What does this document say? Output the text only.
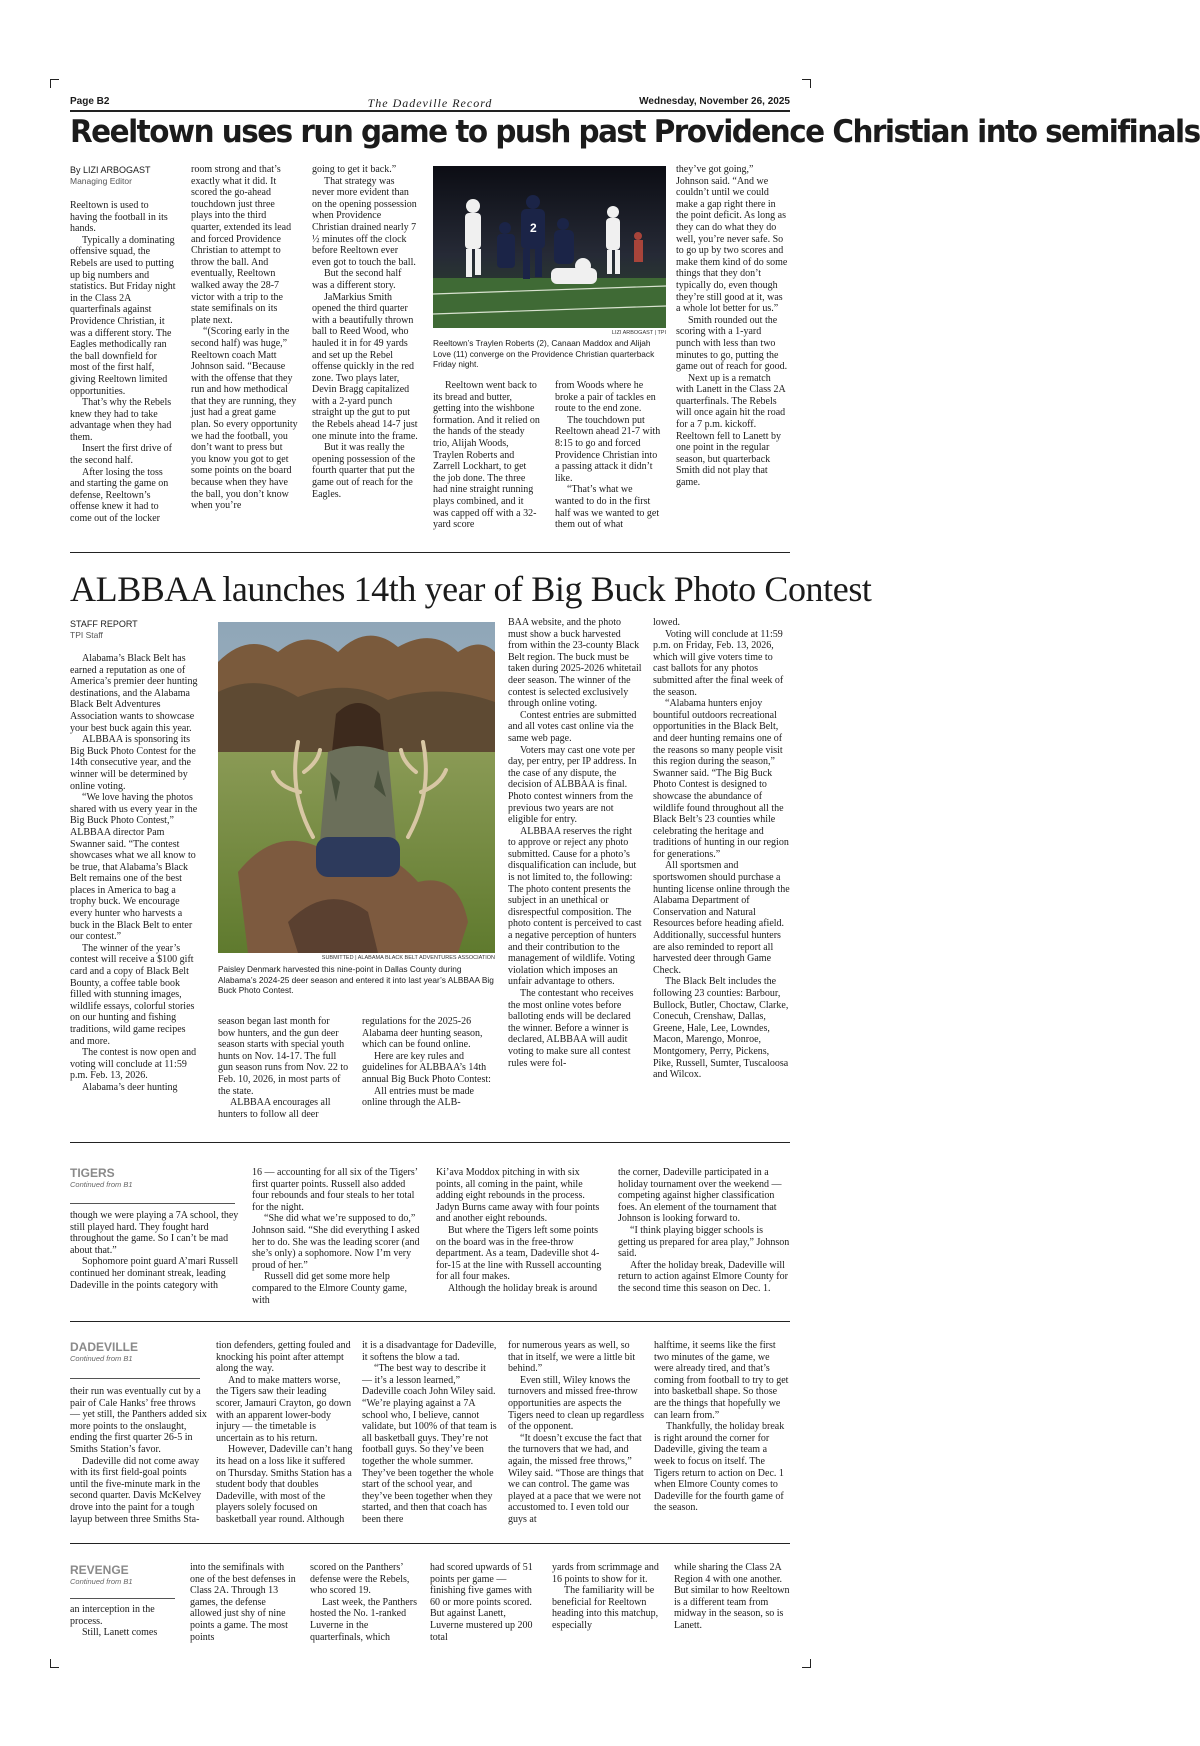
Page B2	The Dadeville Record	Wednesday, November 26, 2025
Reeltown uses run game to push past Providence Christian into semifinals
By LIZI ARBOGAST
Managing Editor

Reeltown is used to having the football in its hands.

Typically a dominating offensive squad, the Rebels are used to putting up big numbers and statistics. But Friday night in the Class 2A quarterfinals against Providence Christian, it was a different story. The Eagles methodically ran the ball downfield for most of the first half, giving Reeltown limited opportunities.

That’s why the Rebels knew they had to take advantage when they had them.

Insert the first drive of the second half.

After losing the toss and starting the game on defense, Reeltown’s offense knew it had to come out of the locker

room strong and that’s exactly what it did. It scored the go-ahead touchdown just three plays into the third quarter, extended its lead and forced Providence Christian to attempt to throw the ball. And eventually, Reeltown walked away the 28-7 victor with a trip to the state semifinals on its plate next.

“(Scoring early in the second half) was huge,” Reeltown coach Matt Johnson said. “Because with the offense that they run and how methodical that they are running, they just had a great game plan. So every opportunity we had the football, you don’t want to press but you know you got to get some points on the board because when they have the ball, you don’t know when you’re

going to get it back.”

That strategy was never more evident than on the opening possession when Providence Christian drained nearly 7 ½ minutes off the clock before Reeltown ever even got to touch the ball.

But the second half was a different story.

JaMarkius Smith opened the third quarter with a beautifully thrown ball to Reed Wood, who hauled it in for 49 yards and set up the Rebel offense quickly in the red zone. Two plays later, Devin Bragg capitalized with a 2-yard punch straight up the gut to put the Rebels ahead 14-7 just one minute into the frame.

But it was really the opening possession of the fourth quarter that put the game out of reach for the Eagles.

2
LIZI ARBOGAST | TPI
Reeltown’s Traylen Roberts (2), Canaan Maddox and Alijah Love (11) converge on the Providence Christian quarterback Friday night.

Reeltown went back to its bread and butter, getting into the wishbone formation. And it relied on the hands of the steady trio, Alijah Woods, Traylen Roberts and Zarrell Lockhart, to get the job done. The three had nine straight running plays combined, and it was capped off with a 32-yard score

from Woods where he broke a pair of tackles en route to the end zone.

The touchdown put Reeltown ahead 21-7 with 8:15 to go and forced Providence Christian into a passing attack it didn’t like.

“That’s what we wanted to do in the first half was we wanted to get them out of what

they’ve got going,” Johnson said. “And we couldn’t until we could make a gap right there in the point deficit. As long as they can do what they do well, you’re never safe. So to go up by two scores and make them kind of do some things that they don’t typically do, even though they’re still good at it, was a whole lot better for us.”

Smith rounded out the scoring with a 1-yard punch with less than two minutes to go, putting the game out of reach for good.

Next up is a rematch with Lanett in the Class 2A quarterfinals. The Rebels will once again hit the road for a 7 p.m. kickoff. Reeltown fell to Lanett by one point in the regular season, but quarterback Smith did not play that game.

ALBBAA launches 14th year of Big Buck Photo Contest
STAFF REPORT
TPI Staff

Alabama’s Black Belt has earned a reputation as one of America’s premier deer hunting destinations, and the Alabama Black Belt Adventures Association wants to showcase your best buck again this year.

ALBBAA is sponsoring its Big Buck Photo Contest for the 14th consecutive year, and the winner will be determined by online voting.

“We love having the photos shared with us every year in the Big Buck Photo Contest,” ALBBAA director Pam Swanner said. “The contest showcases what we all know to be true, that Alabama’s Black Belt remains one of the best places in America to bag a trophy buck. We encourage every hunter who harvests a buck in the Black Belt to enter our contest.”

The winner of the year’s contest will receive a $100 gift card and a copy of Black Belt Bounty, a coffee table book filled with stunning images, wildlife essays, colorful stories on our hunting and fishing traditions, wild game recipes and more.

The contest is now open and voting will conclude at 11:59 p.m. Feb. 13, 2026.

Alabama’s deer hunting

SUBMITTED | ALABAMA BLACK BELT ADVENTURES ASSOCIATION
Paisley Denmark harvested this nine-point in Dallas County during Alabama’s 2024-25 deer season and entered it into last year’s ALBBAA Big Buck Photo Contest.

season began last month for bow hunters, and the gun deer season starts with special youth hunts on Nov. 14-17. The full gun season runs from Nov. 22 to Feb. 10, 2026, in most parts of the state.

ALBBAA encourages all hunters to follow all deer

regulations for the 2025-26 Alabama deer hunting season, which can be found online.

Here are key rules and guidelines for ALBBAA’s 14th annual Big Buck Photo Contest:

All entries must be made online through the ALB-

BAA website, and the photo must show a buck harvested from within the 23-county Black Belt region. The buck must be taken during 2025-2026 whitetail deer season. The winner of the contest is selected exclusively through online voting.

Contest entries are submitted and all votes cast online via the same web page.

Voters may cast one vote per day, per entry, per IP address. In the case of any dispute, the decision of ALBBAA is final. Photo contest winners from the previous two years are not eligible for entry.

ALBBAA reserves the right to approve or reject any photo submitted. Cause for a photo’s disqualification can include, but is not limited to, the following: The photo content presents the subject in an unethical or disrespectful composition. The photo content is perceived to cast a negative perception of hunters and their contribution to the management of wildlife. Voting violation which imposes an unfair advantage to others.

The contestant who receives the most online votes before balloting ends will be declared the winner. Before a winner is declared, ALBBAA will audit voting to make sure all contest rules were fol-

lowed.

Voting will conclude at 11:59 p.m. on Friday, Feb. 13, 2026, which will give voters time to cast ballots for any photos submitted after the final week of the season.

“Alabama hunters enjoy bountiful outdoors recreational opportunities in the Black Belt, and deer hunting remains one of the reasons so many people visit this region during the season,” Swanner said. “The Big Buck Photo Contest is designed to showcase the abundance of wildlife found throughout all the Black Belt’s 23 counties while celebrating the heritage and traditions of hunting in our region for generations.”

All sportsmen and sportswomen should purchase a hunting license online through the Alabama Department of Conservation and Natural Resources before heading afield. Additionally, successful hunters are also reminded to report all harvested deer through Game Check.

The Black Belt includes the following 23 counties: Barbour, Bullock, Butler, Choctaw, Clarke, Conecuh, Crenshaw, Dallas, Greene, Hale, Lee, Lowndes, Macon, Marengo, Monroe, Montgomery, Perry, Pickens, Pike, Russell, Sumter, Tuscaloosa and Wilcox.

TIGERS
Continued from B1

though we were playing a 7A school, they still played hard. They fought hard throughout the game. So I can’t be mad about that.”

Sophomore point guard A’mari Russell continued her dominant streak, leading Dadeville in the points category with

16 — accounting for all six of the Tigers’ first quarter points. Russell also added four rebounds and four steals to her total for the night.

“She did what we’re supposed to do,” Johnson said. “She did everything I asked her to do. She was the leading scorer (and she’s only) a sophomore. Now I’m very proud of her.”

Russell did get some more help compared to the Elmore County game, with

Ki’ava Moddox pitching in with six points, all coming in the paint, while adding eight rebounds in the process. Jadyn Burns came away with four points and another eight rebounds.

But where the Tigers left some points on the board was in the free-throw department. As a team, Dadeville shot 4-for-15 at the line with Russell accounting for all four makes.

Although the holiday break is around

the corner, Dadeville participated in a holiday tournament over the weekend — competing against higher classification foes. An element of the tournament that Johnson is looking forward to.

“I think playing bigger schools is getting us prepared for area play,” Johnson said.

After the holiday break, Dadeville will return to action against Elmore County for the second time this season on Dec. 1.

DADEVILLE
Continued from B1

their run was eventually cut by a pair of Cale Hanks’ free throws — yet still, the Panthers added six more points to the onslaught, ending the first quarter 26-5 in Smiths Station’s favor.

Dadeville did not come away with its first field-goal points until the five-minute mark in the second quarter. Davis McKelvey drove into the paint for a tough layup between three Smiths Sta-

tion defenders, getting fouled and knocking his point after attempt along the way.

And to make matters worse, the Tigers saw their leading scorer, Jamauri Crayton, go down with an apparent lower-body injury — the timetable is uncertain as to his return.

However, Dadeville can’t hang its head on a loss like it suffered on Thursday. Smiths Station has a student body that doubles Dadeville, with most of the players solely focused on basketball year round. Although

it is a disadvantage for Dadeville, it softens the blow a tad.

“The best way to describe it — it’s a lesson learned,” Dadeville coach John Wiley said. “We’re playing against a 7A school who, I believe, cannot validate, but 100% of that team is all basketball guys. They’re not football guys. So they’ve been together the whole summer. They’ve been together the whole start of the school year, and they’ve been together when they started, and then that coach has been there

for numerous years as well, so that in itself, we were a little bit behind.”

Even still, Wiley knows the turnovers and missed free-throw opportunities are aspects the Tigers need to clean up regardless of the opponent.

“It doesn’t excuse the fact that the turnovers that we had, and again, the missed free throws,” Wiley said. “Those are things that we can control. The game was played at a pace that we were not accustomed to. I even told our guys at

halftime, it seems like the first two minutes of the game, we were already tired, and that’s coming from football to try to get into basketball shape. So those are the things that hopefully we can learn from.”

Thankfully, the holiday break is right around the corner for Dadeville, giving the team a week to focus on itself. The Tigers return to action on Dec. 1 when Elmore County comes to Dadeville for the fourth game of the season.

REVENGE
Continued from B1

an interception in the process.

Still, Lanett comes

into the semifinals with one of the best defenses in Class 2A. Through 13 games, the defense allowed just shy of nine points a game. The most points

scored on the Panthers’ defense were the Rebels, who scored 19.

Last week, the Panthers hosted the No. 1-ranked Luverne in the quarterfinals, which

had scored upwards of 51 points per game — finishing five games with 60 or more points scored. But against Lanett, Luverne mustered up 200 total

yards from scrimmage and 16 points to show for it.

The familiarity will be beneficial for Reeltown heading into this matchup, especially

while sharing the Class 2A Region 4 with one another. But similar to how Reeltown is a different team from midway in the season, so is Lanett.
